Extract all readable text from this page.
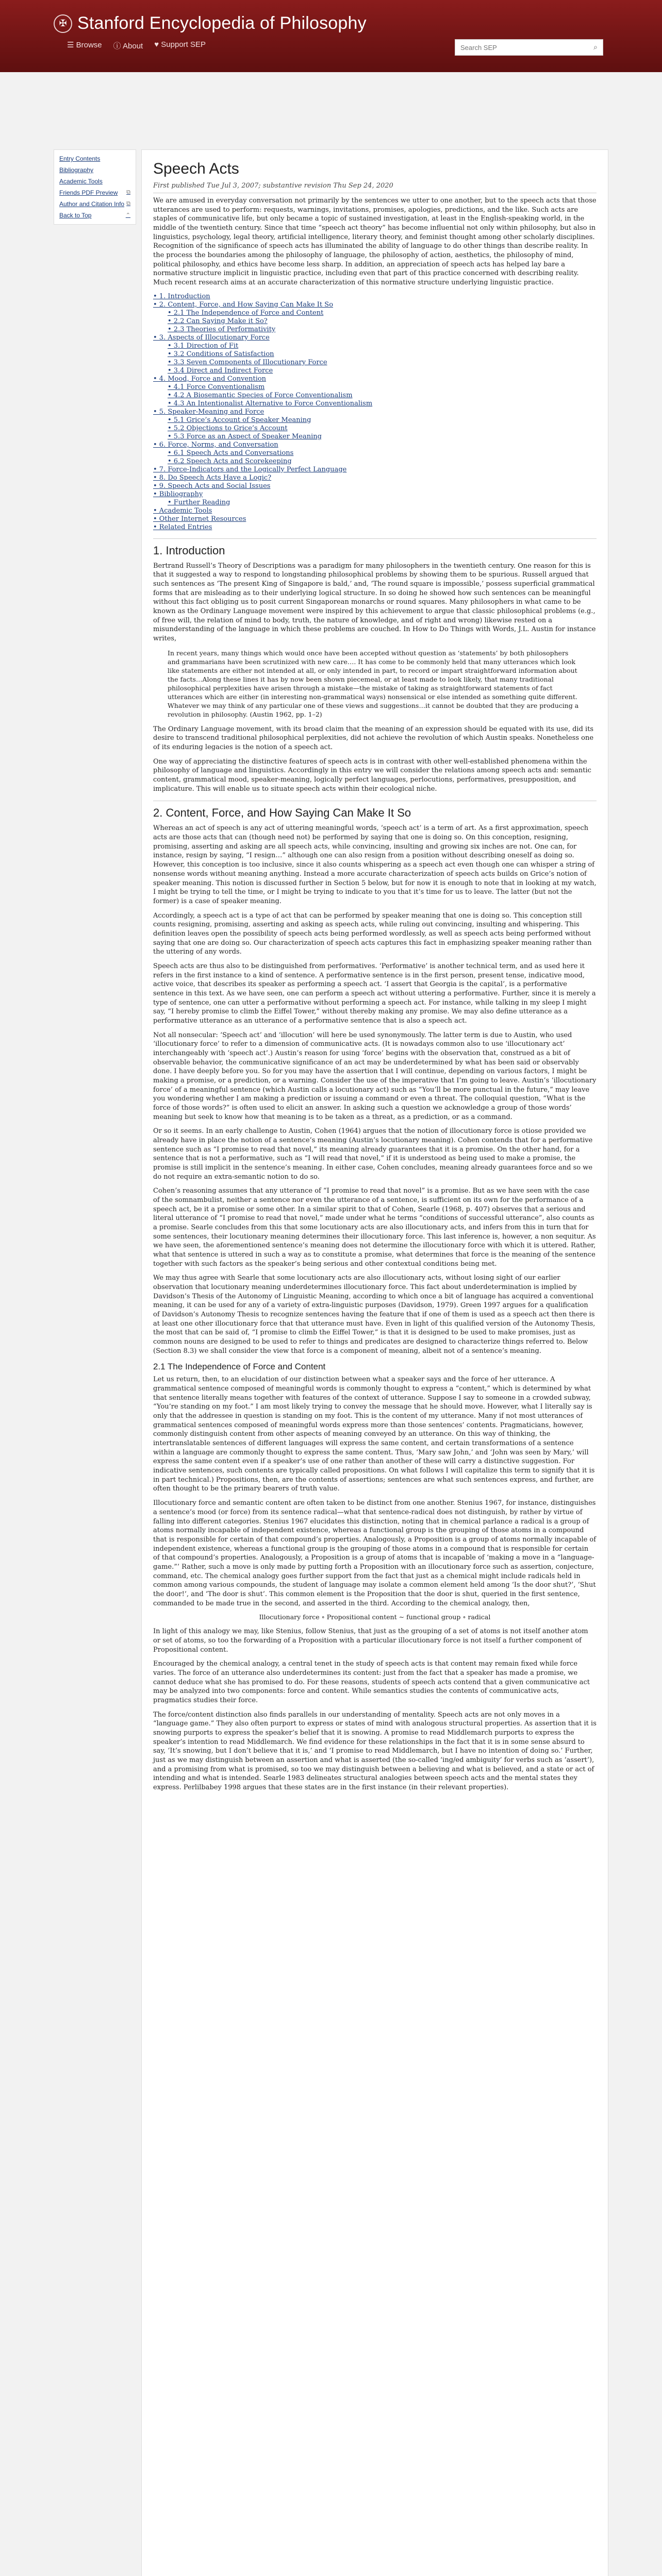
✠ Stanford Encyclopedia of Philosophy
☰ Browse ⓘ About ♥ Support SEP
Search SEP	⌕
Entry Contents
Bibliography
Academic Tools
Friends PDF Preview ⧉
Author and Citation Info ⧉
Back to Top	⌃
Speech Acts
First published Tue Jul 3, 2007; substantive revision Thu Sep 24, 2020

We are amused in everyday conversation not primarily by the sentences we utter to one another, but to the speech acts that those utterances are used to perform: requests, warnings, invitations, promises, apologies, predictions, and the like. Such acts are staples of communicative life, but only became a topic of sustained investigation, at least in the English-speaking world, in the middle of the twentieth century. Since that time “speech act theory” has become influential not only within philosophy, but also in linguistics, psychology, legal theory, artificial intelligence, literary theory, and feminist thought among other scholarly disciplines. Recognition of the significance of speech acts has illuminated the ability of language to do other things than describe reality. In the process the boundaries among the philosophy of language, the philosophy of action, aesthetics, the philosophy of mind, political philosophy, and ethics have become less sharp. In addition, an appreciation of speech acts has helped lay bare a normative structure implicit in linguistic practice, including even that part of this practice concerned with describing reality. Much recent research aims at an accurate characterization of this normative structure underlying linguistic practice.

• 1. Introduction
• 2. Content, Force, and How Saying Can Make It So
• 2.1 The Independence of Force and Content
• 2.2 Can Saying Make it So?
• 2.3 Theories of Performativity
• 3. Aspects of Illocutionary Force
• 3.1 Direction of Fit
• 3.2 Conditions of Satisfaction
• 3.3 Seven Components of Illocutionary Force
• 3.4 Direct and Indirect Force
• 4. Mood, Force and Convention
• 4.1 Force Conventionalism
• 4.2 A Biosemantic Species of Force Conventionalism
• 4.3 An Intentionalist Alternative to Force Conventionalism
• 5. Speaker-Meaning and Force
• 5.1 Grice’s Account of Speaker Meaning
• 5.2 Objections to Grice’s Account
• 5.3 Force as an Aspect of Speaker Meaning
• 6. Force, Norms, and Conversation
• 6.1 Speech Acts and Conversations
• 6.2 Speech Acts and Scorekeeping
• 7. Force-Indicators and the Logically Perfect Language
• 8. Do Speech Acts Have a Logic?
• 9. Speech Acts and Social Issues
• Bibliography
• Further Reading
• Academic Tools
• Other Internet Resources
• Related Entries
1. Introduction

Bertrand Russell’s Theory of Descriptions was a paradigm for many philosophers in the twentieth century. One reason for this is that it suggested a way to respond to longstanding philosophical problems by showing them to be spurious. Russell argued that such sentences as ‘The present King of Singapore is bald,’ and, ‘The round square is impossible,’ possess superficial grammatical forms that are misleading as to their underlying logical structure. In so doing he showed how such sentences can be meaningful without this fact obliging us to posit current Singaporean monarchs or round squares. Many philosophers in what came to be known as the Ordinary Language movement were inspired by this achievement to argue that classic philosophical problems (e.g., of free will, the relation of mind to body, truth, the nature of knowledge, and of right and wrong) likewise rested on a misunderstanding of the language in which these problems are couched. In How to Do Things with Words, J.L. Austin for instance writes,

In recent years, many things which would once have been accepted without question as ‘statements’ by both philosophers and grammarians have been scrutinized with new care…. It has come to be commonly held that many utterances which look like statements are either not intended at all, or only intended in part, to record or impart straightforward information about the facts…Along these lines it has by now been shown piecemeal, or at least made to look likely, that many traditional philosophical perplexities have arisen through a mistake—the mistake of taking as straightforward statements of fact utterances which are either (in interesting non-grammatical ways) nonsensical or else intended as something quite different. Whatever we may think of any particular one of these views and suggestions…it cannot be doubted that they are producing a revolution in philosophy. (Austin 1962, pp. 1–2)

The Ordinary Language movement, with its broad claim that the meaning of an expression should be equated with its use, did its desire to transcend traditional philosophical perplexities, did not achieve the revolution of which Austin speaks. Nonetheless one of its enduring legacies is the notion of a speech act.

One way of appreciating the distinctive features of speech acts is in contrast with other well-established phenomena within the philosophy of language and linguistics. Accordingly in this entry we will consider the relations among speech acts and: semantic content, grammatical mood, speaker-meaning, logically perfect languages, perlocutions, performatives, presupposition, and implicature. This will enable us to situate speech acts within their ecological niche.

2. Content, Force, and How Saying Can Make It So

Whereas an act of speech is any act of uttering meaningful words, ‘speech act’ is a term of art. As a first approximation, speech acts are those acts that can (though need not) be performed by saying that one is doing so. On this conception, resigning, promising, asserting and asking are all speech acts, while convincing, insulting and growing six inches are not. One can, for instance, resign by saying, “I resign…” although one can also resign from a position without describing oneself as doing so. However, this conception is too inclusive, since it also counts whispering as a speech act even though one can whisper a string of nonsense words without meaning anything. Instead a more accurate characterization of speech acts builds on Grice’s notion of speaker meaning. This notion is discussed further in Section 5 below, but for now it is enough to note that in looking at my watch, I might be trying to tell the time, or I might be trying to indicate to you that it’s time for us to leave. The latter (but not the former) is a case of speaker meaning.

Accordingly, a speech act is a type of act that can be performed by speaker meaning that one is doing so. This conception still counts resigning, promising, asserting and asking as speech acts, while ruling out convincing, insulting and whispering. This definition leaves open the possibility of speech acts being performed wordlessly, as well as speech acts being performed without saying that one are doing so. Our characterization of speech acts captures this fact in emphasizing speaker meaning rather than the uttering of any words.

Speech acts are thus also to be distinguished from performatives. ‘Performative’ is another technical term, and as used here it refers in the first instance to a kind of sentence. A performative sentence is in the first person, present tense, indicative mood, active voice, that describes its speaker as performing a speech act. ‘I assert that Georgia is the capital’, is a performative sentence in this text. As we have seen, one can perform a speech act without uttering a performative. Further, since it is merely a type of sentence, one can utter a performative without performing a speech act. For instance, while talking in my sleep I might say, “I hereby promise to climb the Eiffel Tower,” without thereby making any promise. We may also define utterance as a performative utterance as an utterance of a performative sentence that is also a speech act.

Not all nonsecular: ‘Speech act’ and ‘illocution’ will here be used synonymously. The latter term is due to Austin, who used ‘illocutionary force’ to refer to a dimension of communicative acts. (It is nowadays common also to use ‘illocutionary act’ interchangeably with ‘speech act’.) Austin’s reason for using ‘force’ begins with the observation that, construed as a bit of observable behavior, the communicative significance of an act may be underdetermined by what has been said or observably done. I have deeply before you. So for you may have the assertion that I will continue, depending on various factors, I might be making a promise, or a prediction, or a warning. Consider the use of the imperative that I’m going to leave. Austin’s ‘illocutionary force’ of a meaningful sentence (which Austin calls a locutionary act) such as “You’ll be more punctual in the future,” may leave you wondering whether I am making a prediction or issuing a command or even a threat. The colloquial question, “What is the force of those words?” is often used to elicit an answer. In asking such a question we acknowledge a group of those words’ meaning but seek to know how that meaning is to be taken as a threat, as a prediction, or as a command.

Or so it seems. In an early challenge to Austin, Cohen (1964) argues that the notion of illocutionary force is otiose provided we already have in place the notion of a sentence’s meaning (Austin’s locutionary meaning). Cohen contends that for a performative sentence such as “I promise to read that novel,” its meaning already guarantees that it is a promise. On the other hand, for a sentence that is not a performative, such as “I will read that novel,” if it is understood as being used to make a promise, the promise is still implicit in the sentence’s meaning. In either case, Cohen concludes, meaning already guarantees force and so we do not require an extra-semantic notion to do so.

Cohen’s reasoning assumes that any utterance of “I promise to read that novel” is a promise. But as we have seen with the case of the somnambulist, neither a sentence nor even the utterance of a sentence, is sufficient on its own for the performance of a speech act, be it a promise or some other. In a similar spirit to that of Cohen, Searle (1968, p. 407) observes that a serious and literal utterance of “I promise to read that novel,” made under what he terms “conditions of successful utterance”, also counts as a promise. Searle concludes from this that some locutionary acts are also illocutionary acts, and infers from this in turn that for some sentences, their locutionary meaning determines their illocutionary force. This last inference is, however, a non sequitur. As we have seen, the aforementioned sentence’s meaning does not determine the illocutionary force with which it is uttered. Rather, what that sentence is uttered in such a way as to constitute a promise, what determines that force is the meaning of the sentence together with such factors as the speaker’s being serious and other contextual conditions being met.

We may thus agree with Searle that some locutionary acts are also illocutionary acts, without losing sight of our earlier observation that locutionary meaning underdetermines illocutionary force. This fact about underdetermination is implied by Davidson’s Thesis of the Autonomy of Linguistic Meaning, according to which once a bit of language has acquired a conventional meaning, it can be used for any of a variety of extra-linguistic purposes (Davidson, 1979). Green 1997 argues for a qualification of Davidson’s Autonomy Thesis to recognize sentences having the feature that if one of them is used as a speech act then there is at least one other illocutionary force that that utterance must have. Even in light of this qualified version of the Autonomy Thesis, the most that can be said of, “I promise to climb the Eiffel Tower,” is that it is designed to be used to make promises, just as common nouns are designed to be used to refer to things and predicates are designed to characterize things referred to. Below (Section 8.3) we shall consider the view that force is a component of meaning, albeit not of a sentence’s meaning.

2.1 The Independence of Force and Content

Let us return, then, to an elucidation of our distinction between what a speaker says and the force of her utterance. A grammatical sentence composed of meaningful words is commonly thought to express a “content,” which is determined by what that sentence literally means together with features of the context of utterance. Suppose I say to someone in a crowded subway, “You’re standing on my foot.” I am most likely trying to convey the message that he should move. However, what I literally say is only that the addressee in question is standing on my foot. This is the content of my utterance. Many if not most utterances of grammatical sentences composed of meaningful words express more than those sentences’ contents. Pragmaticians, however, commonly distinguish content from other aspects of meaning conveyed by an utterance. On this way of thinking, the intertranslatable sentences of different languages will express the same content, and certain transformations of a sentence within a language are commonly thought to express the same content. Thus, ‘Mary saw John,’ and ‘John was seen by Mary,’ will express the same content even if a speaker’s use of one rather than another of these will carry a distinctive suggestion. For indicative sentences, such contents are typically called propositions. On what follows I will capitalize this term to signify that it is in part technical.) Propositions, then, are the contents of assertions; sentences are what such sentences express, and further, are often thought to be the primary bearers of truth value.

Illocutionary force and semantic content are often taken to be distinct from one another. Stenius 1967, for instance, distinguishes a sentence’s mood (or force) from its sentence radical—what that sentence-radical does not distinguish, by rather by virtue of falling into different categories. Stenius 1967 elucidates this distinction, noting that in chemical parlance a radical is a group of atoms normally incapable of independent existence, whereas a functional group is the grouping of those atoms in a compound that is responsible for certain of that compound’s properties. Analogously, a Proposition is a group of atoms normally incapable of independent existence, whereas a functional group is the grouping of those atoms in a compound that is responsible for certain of that compound’s properties. Analogously, a Proposition is a group of atoms that is incapable of ‘making a move in a “language-game.”’ Rather, such a move is only made by putting forth a Proposition with an illocutionary force such as assertion, conjecture, command, etc. The chemical analogy goes further support from the fact that just as a chemical might include radicals held in common among various compounds, the student of language may isolate a common element held among ‘Is the door shut?’, ‘Shut the door!’, and ‘The door is shut’. This common element is the Proposition that the door is shut, queried in the first sentence, commanded to be made true in the second, and asserted in the third. According to the chemical analogy, then,

Illocutionary force ∘ Propositional content ∼ functional group ∘ radical

In light of this analogy we may, like Stenius, follow Stenius, that just as the grouping of a set of atoms is not itself another atom or set of atoms, so too the forwarding of a Proposition with a particular illocutionary force is not itself a further component of Propositional content.

Encouraged by the chemical analogy, a central tenet in the study of speech acts is that content may remain fixed while force varies. The force of an utterance also underdetermines its content: just from the fact that a speaker has made a promise, we cannot deduce what she has promised to do. For these reasons, students of speech acts contend that a given communicative act may be analyzed into two components: force and content. While semantics studies the contents of communicative acts, pragmatics studies their force.

The force/content distinction also finds parallels in our understanding of mentality. Speech acts are not only moves in a “language game.” They also often purport to express or states of mind with analogous structural properties. As assertion that it is snowing purports to express the speaker’s belief that it is snowing. A promise to read Middlemarch purports to express the speaker’s intention to read Middlemarch. We find evidence for these relationships in the fact that it is in some sense absurd to say, ‘It’s snowing, but I don’t believe that it is,’ and ‘I promise to read Middlemarch, but I have no intention of doing so.’ Further, just as we may distinguish between an assertion and what is asserted (the so-called ‘ing/ed ambiguity’ for verbs such as ‘assert’), and a promising from what is promised, so too we may distinguish between a believing and what is believed, and a state or act of intending and what is intended. Searle 1983 delineates structural analogies between speech acts and the mental states they express. Perlilbabey 1998 argues that these states are in the first instance (in their relevant properties).
